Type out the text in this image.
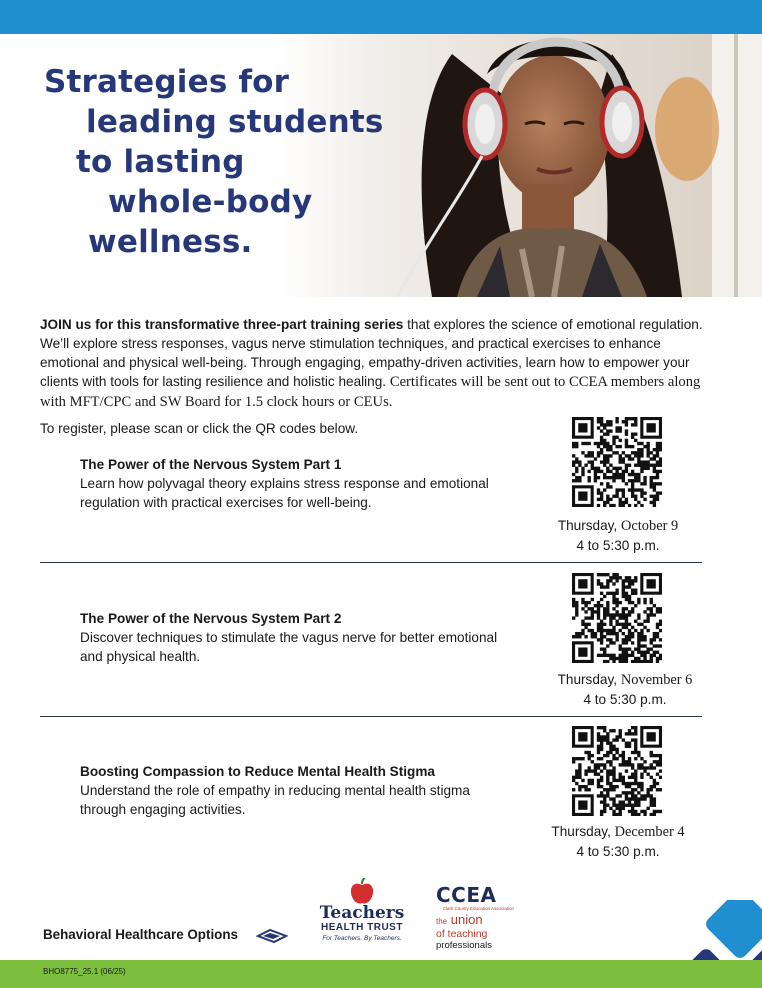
Strategies for
leading students
to lasting
whole-body
wellness.

JOIN us for this transformative three-part training series that explores the science of emotional regulation. We’ll explore stress responses, vagus nerve stimulation techniques, and practical exercises to enhance emotional and physical well-being. Through engaging, empathy-driven activities, learn how to empower your clients with tools for lasting resilience and holistic healing. Certificates will be sent out to CCEA members along with MFT/CPC and SW Board for 1.5 clock hours or CEUs.

To register, please scan or click the QR codes below.
The Power of the Nervous System Part 1
Learn how polyvagal theory explains stress response and emotional regulation with practical exercises for well-being.
Thursday, October 9
4 to 5:30 p.m.
The Power of the Nervous System Part 2
Discover techniques to stimulate the vagus nerve for better emotional and physical health.
Thursday, November 6
4 to 5:30 p.m.
Boosting Compassion to Reduce Mental Health Stigma
Understand the role of empathy in reducing mental health stigma through engaging activities.
Thursday, December 4
4 to 5:30 p.m.
Behavioral Healthcare Options
Teachers
HEALTH TRUST
For Teachers. By Teachers.
CCEA
Clark County Education Association
the union
of teaching
professionals
BHO8775_25.1 (06/25)
